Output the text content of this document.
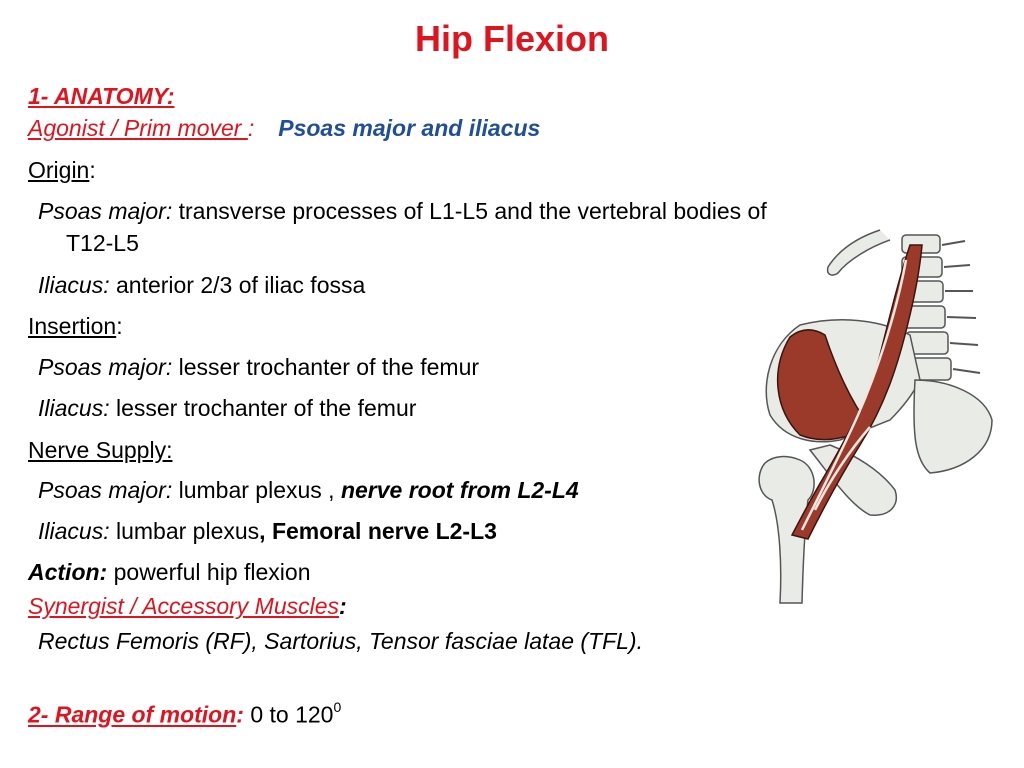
Hip Flexion
1- ANATOMY:
Agonist / Prim mover : Psoas major and iliacus
Origin:
Psoas major: transverse processes of L1-L5 and the vertebral bodies of
T12-L5
Iliacus: anterior 2/3 of iliac fossa
Insertion:
Psoas major: lesser trochanter of the femur
Iliacus: lesser trochanter of the femur
Nerve Supply:
Psoas major: lumbar plexus , nerve root from L2-L4
Iliacus: lumbar plexus, Femoral nerve L2-L3
Action: powerful hip flexion
Synergist / Accessory Muscles:
Rectus Femoris (RF), Sartorius, Tensor fasciae latae (TFL).
2- Range of motion: 0 to $120^0$
